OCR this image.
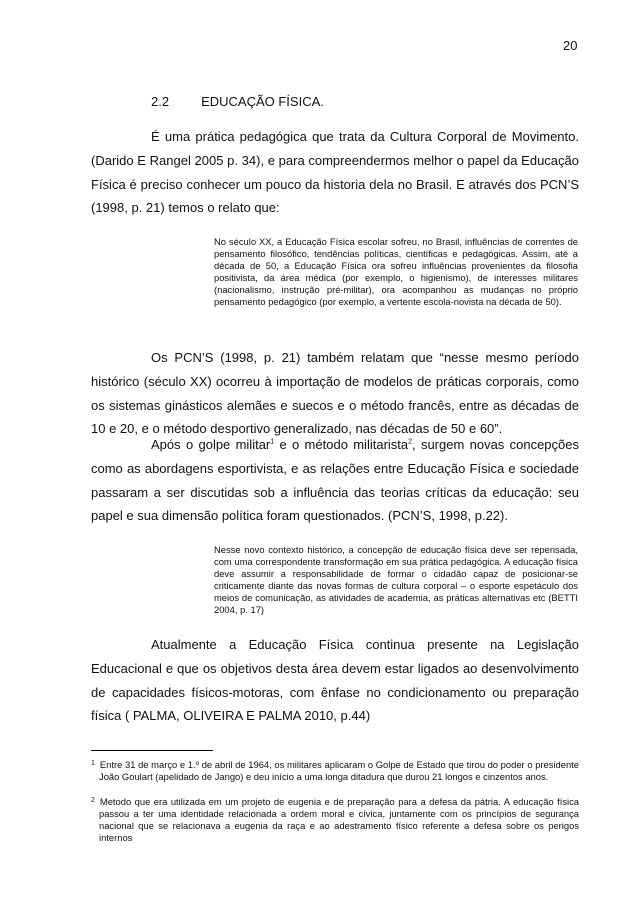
20
2.2 EDUCAÇÃO FÍSICA.

É uma prática pedagógica que trata da Cultura Corporal de Movimento. (Darido E Rangel 2005 p. 34), e para compreendermos melhor o papel da Educação Física é preciso conhecer um pouco da historia dela no Brasil. E através dos PCN’S (1998, p. 21) temos o relato que:

No século XX, a Educação Física escolar sofreu, no Brasil, influências de correntes de pensamento filosófico, tendências políticas, científicas e pedagógicas. Assim, até a década de 50, a Educação Física ora sofreu influências provenientes da filosofia positivista, da área médica (por exemplo, o higienismo), de interesses militares (nacionalismo, instrução pré-militar), ora acompanhou as mudanças no próprio pensamento pedagógico (por exemplo, a vertente escola-novista na década de 50).

Os PCN’S (1998, p. 21) também relatam que “nesse mesmo período histórico (século XX) ocorreu à importação de modelos de práticas corporais, como os sistemas ginásticos alemães e suecos e o método francês, entre as décadas de 10 e 20, e o método desportivo generalizado, nas décadas de 50 e 60”.

Após o golpe militar$^1$ e o método militarista$^2$, surgem novas concepções como as abordagens esportivista, e as relações entre Educação Física e sociedade passaram a ser discutidas sob a influência das teorias críticas da educação: seu papel e sua dimensão política foram questionados. (PCN’S, 1998, p.22).

Nesse novo contexto histórico, a concepção de educação física deve ser repensada, com uma correspondente transformação em sua prática pedagógica. A educação física deve assumir a responsabilidade de formar o cidadão capaz de posicionar-se criticamente diante das novas formas de cultura corporal – o esporte espetáculo dos meios de comunicação, as atividades de academia, as práticas alternativas etc (BETTI 2004, p. 17)

Atualmente a Educação Física continua presente na Legislação Educacional e que os objetivos desta área devem estar ligados ao desenvolvimento de capacidades físicos-motoras, com ênfase no condicionamento ou preparação física ( PALMA, OLIVEIRA E PALMA 2010, p.44)

$^1$ Entre 31 de março e 1.º de abril de 1964, os militares aplicaram o Golpe de Estado que tirou do poder o presidente João Goulart (apelidado de Jango) e deu início a uma longa ditadura que durou 21 longos e cinzentos anos.

$^2$ Metodo que era utilizada em um projeto de eugenia e de preparação para a defesa da pátria. A educação física passou a ter uma identidade relacionada a ordem moral e cívica, juntamente com os princípios de segurança nacional que se relacionava a eugenia da raça e ao adestramento físico referente a defesa sobre os perigos internos
